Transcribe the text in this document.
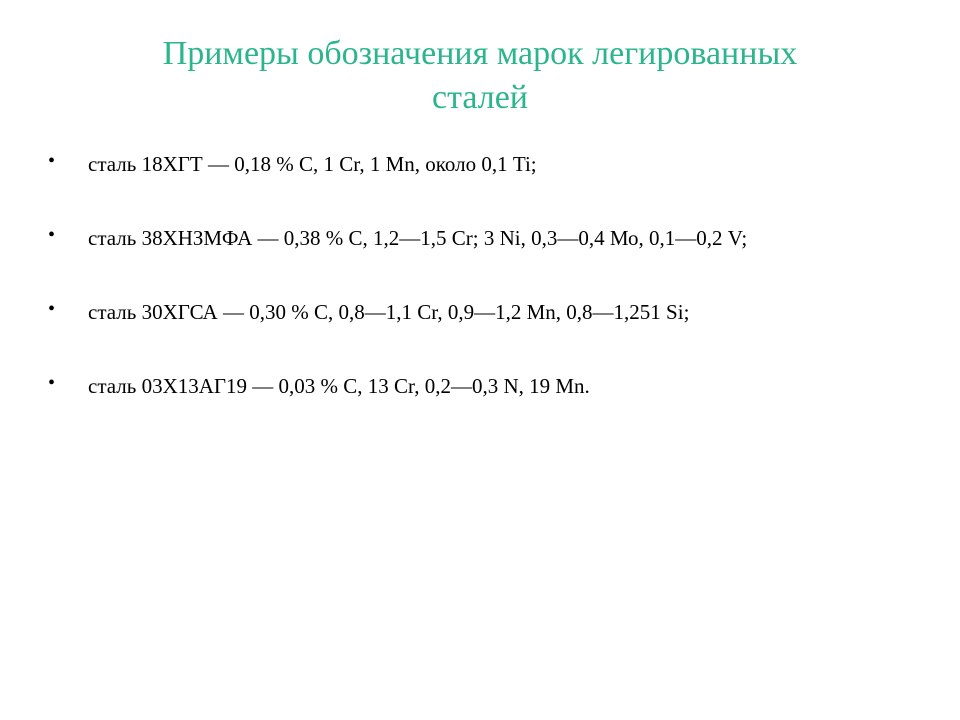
Примеры обозначения марок легированных
сталей
•	сталь 18ХГТ — 0,18 % С, 1 Сr, 1 Mn, около 0,1 Ti;
•	сталь 38ХНЗМФА — 0,38 % С, 1,2—1,5 Сr; 3 Ni, 0,3—0,4 Мо, 0,1—0,2 V;
•	сталь 30ХГСА — 0,30 % С, 0,8—1,1 Cr, 0,9—1,2 Mn, 0,8—1,251 Si;
•	сталь 03Х13АГ19 — 0,03 % С, 13 Cr, 0,2—0,3 N, 19 Mn.
